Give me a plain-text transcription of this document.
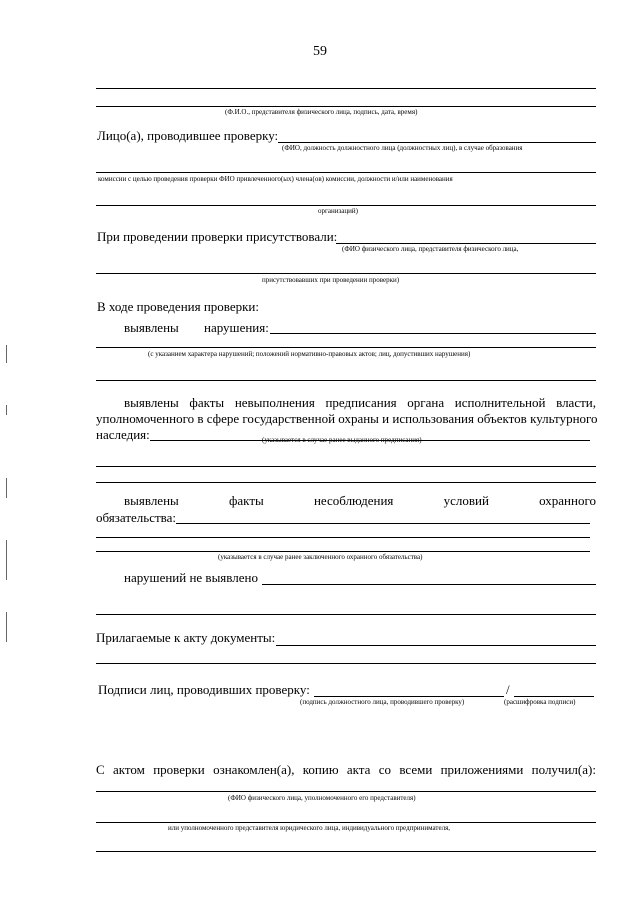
59
(Ф.И.О., представителя физического лица, подпись, дата, время)
Лицо(а), проводившее проверку:
(ФИО, должность должностного лица (должностных лиц), в случае образования
комиссии с целью проведения проверки ФИО привлеченного(ых) члена(ов) комиссии, должности и/или наименования
организаций)
При проведении проверки присутствовали:
(ФИО физического лица, представителя физического лица,
присутствовавших при проведении проверки)
В ходе проведения проверки:
выявлены нарушения:
(с указанием характера нарушений; положений нормативно-правовых актов; лиц, допустивших нарушения)
выявлены факты невыполнения предписания органа исполнительной власти,
уполномоченного в сфере государственной охраны и использования объектов культурного
наследия:	(указывается в случае ранее выданного предписания)
выявлены	факты	несоблюдения	условий	охранного
обязательства:
(указывается в случае ранее заключенного охранного обязательства)
нарушений не выявлено
Прилагаемые к акту документы:
Подписи лиц, проводивших проверку:	/
(подпись должностного лица, проводившего проверку)	(расшифровка подписи)
С актом проверки ознакомлен(а), копию акта со всеми приложениями получил(а):
(ФИО физического лица, уполномоченного его представителя)
или уполномоченного представителя юридического лица, индивидуального предпринимателя,
